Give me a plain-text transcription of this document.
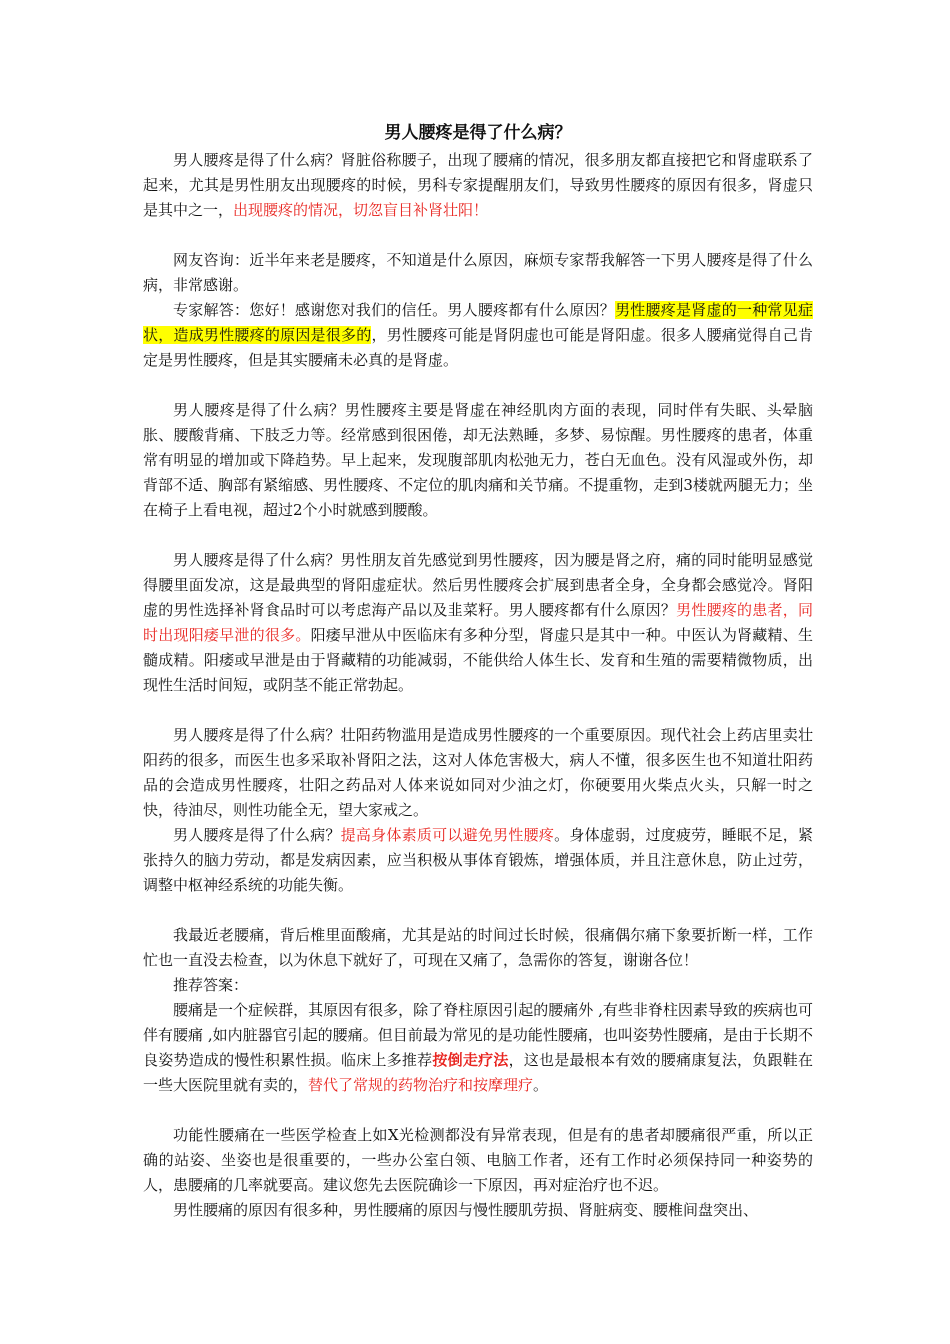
男人腰疼是得了什么病？

男人腰疼是得了什么病？肾脏俗称腰子，出现了腰痛的情况，很多朋友都直接把它和肾虚联系了起来，尤其是男性朋友出现腰疼的时候，男科专家提醒朋友们，导致男性腰疼的原因有很多，肾虚只是其中之一，出现腰疼的情况，切忽盲目补肾壮阳！

网友咨询：近半年来老是腰疼，不知道是什么原因，麻烦专家帮我解答一下男人腰疼是得了什么病，非常感谢。

专家解答：您好！感谢您对我们的信任。男人腰疼都有什么原因？男性腰疼是肾虚的一种常见症状，造成男性腰疼的原因是很多的，男性腰疼可能是肾阴虚也可能是肾阳虚。很多人腰痛觉得自己肯定是男性腰疼，但是其实腰痛未必真的是肾虚。

男人腰疼是得了什么病？男性腰疼主要是肾虚在神经肌肉方面的表现，同时伴有失眠、头晕脑胀、腰酸背痛、下肢乏力等。经常感到很困倦，却无法熟睡，多梦、易惊醒。男性腰疼的患者，体重常有明显的增加或下降趋势。早上起来，发现腹部肌肉松弛无力，苍白无血色。没有风湿或外伤，却背部不适、胸部有紧缩感、男性腰疼、不定位的肌肉痛和关节痛。不提重物，走到3楼就两腿无力；坐在椅子上看电视，超过2个小时就感到腰酸。

男人腰疼是得了什么病？男性朋友首先感觉到男性腰疼，因为腰是肾之府，痛的同时能明显感觉得腰里面发凉，这是最典型的肾阳虚症状。然后男性腰疼会扩展到患者全身，全身都会感觉冷。肾阳虚的男性选择补肾食品时可以考虑海产品以及韭菜籽。男人腰疼都有什么原因？男性腰疼的患者，同时出现阳痿早泄的很多。阳痿早泄从中医临床有多种分型，肾虚只是其中一种。中医认为肾藏精、生髓成精。阳痿或早泄是由于肾藏精的功能减弱，不能供给人体生长、发育和生殖的需要精微物质，出现性生活时间短，或阴茎不能正常勃起。

男人腰疼是得了什么病？壮阳药物滥用是造成男性腰疼的一个重要原因。现代社会上药店里卖壮阳药的很多，而医生也多采取补肾阳之法，这对人体危害极大，病人不懂，很多医生也不知道壮阳药品的会造成男性腰疼，壮阳之药品对人体来说如同对少油之灯，你硬要用火柴点火头，只解一时之快，待油尽，则性功能全无，望大家戒之。

男人腰疼是得了什么病？提高身体素质可以避免男性腰疼。身体虚弱，过度疲劳，睡眠不足，紧张持久的脑力劳动，都是发病因素，应当积极从事体育锻炼，增强体质，并且注意休息，防止过劳，调整中枢神经系统的功能失衡。

我最近老腰痛，背后椎里面酸痛，尤其是站的时间过长时候，很痛偶尔痛下象要折断一样，工作忙也一直没去检查，以为休息下就好了，可现在又痛了，急需你的答复，谢谢各位！

推荐答案：

腰痛是一个症候群，其原因有很多，除了脊柱原因引起的腰痛外 ,有些非脊柱因素导致的疾病也可伴有腰痛 ,如内脏器官引起的腰痛。但目前最为常见的是功能性腰痛，也叫姿势性腰痛，是由于长期不良姿势造成的慢性积累性损。临床上多推荐按倒走疗法，这也是最根本有效的腰痛康复法，负跟鞋在一些大医院里就有卖的，替代了常规的药物治疗和按摩理疗。

功能性腰痛在一些医学检查上如X光检测都没有异常表现，但是有的患者却腰痛很严重，所以正确的站姿、坐姿也是很重要的，一些办公室白领、电脑工作者，还有工作时必须保持同一种姿势的人，患腰痛的几率就要高。建议您先去医院确诊一下原因，再对症治疗也不迟。

男性腰痛的原因有很多种，男性腰痛的原因与慢性腰肌劳损、肾脏病变、腰椎间盘突出、
